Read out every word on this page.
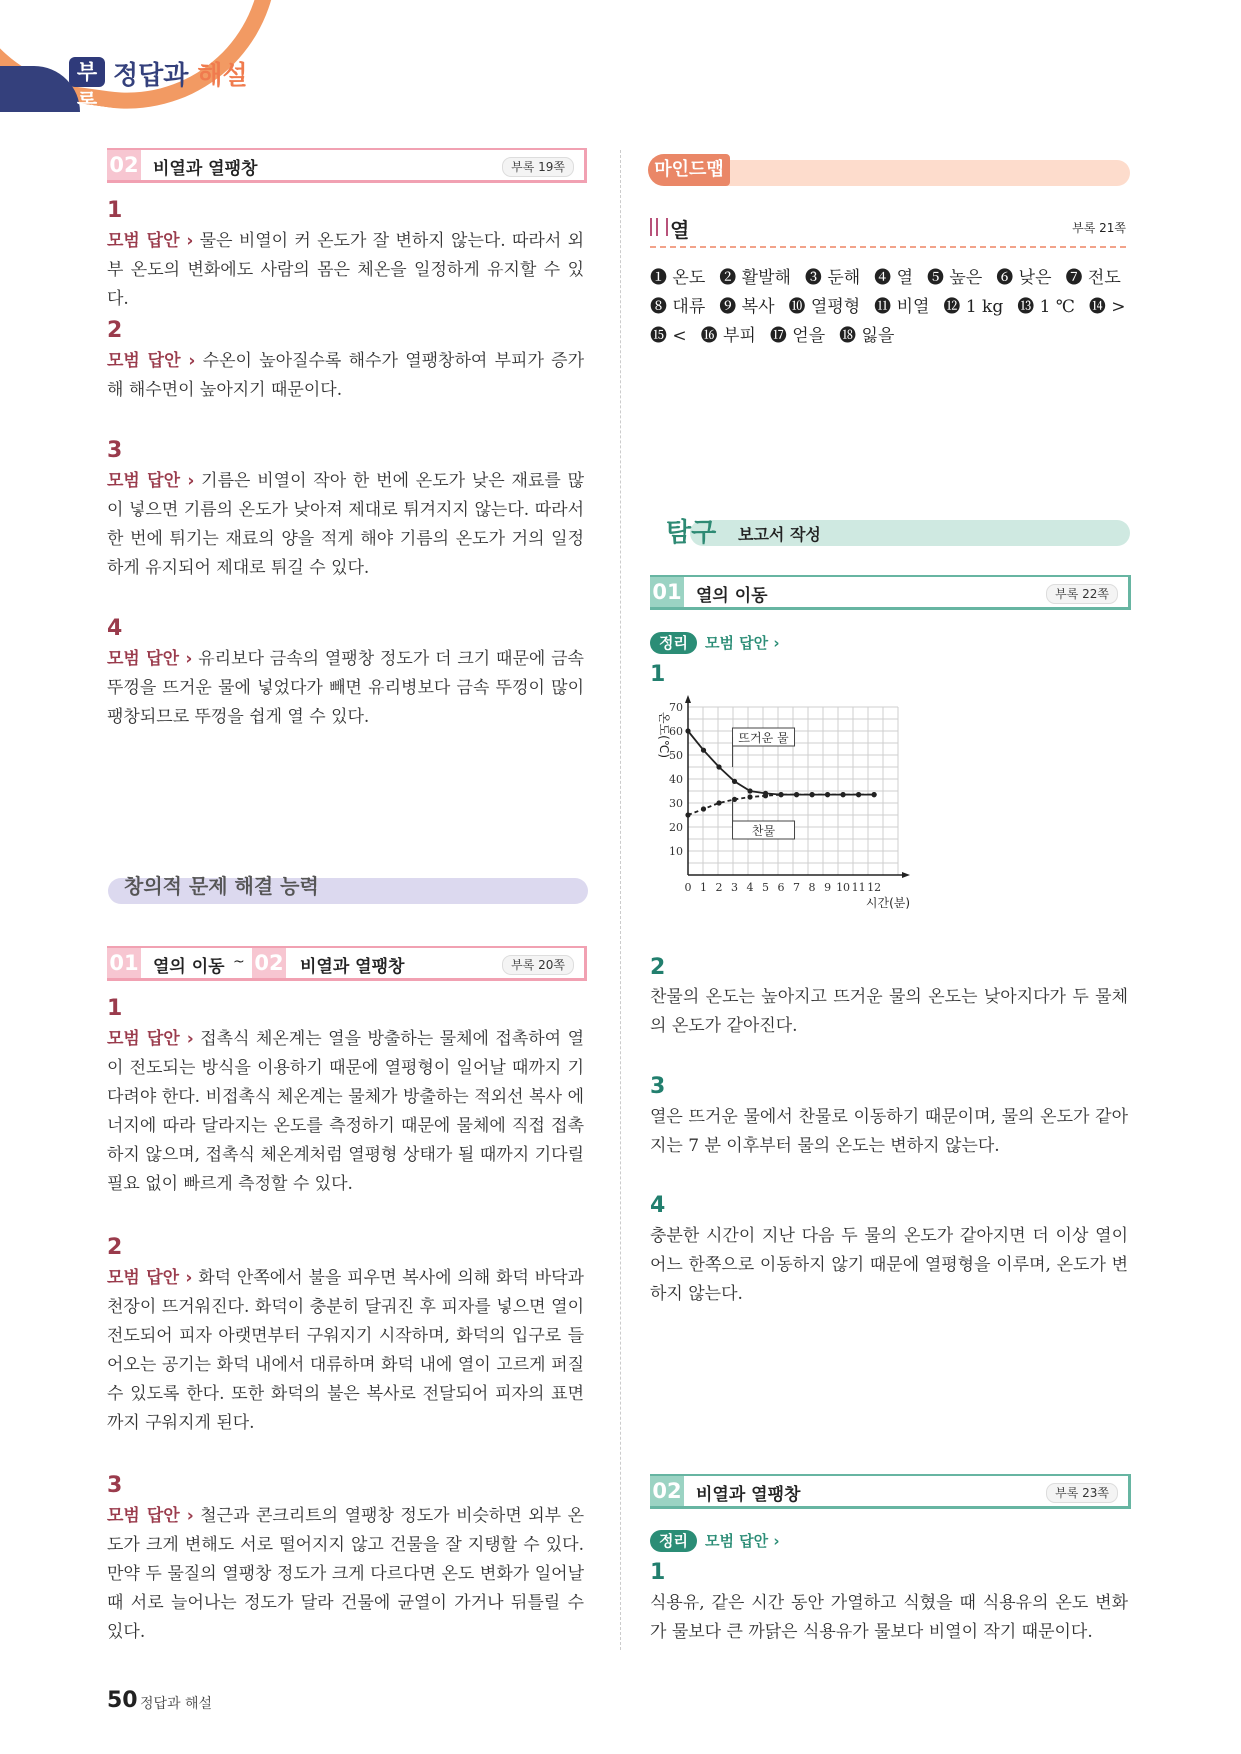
부록
정답과 해설
02 비열과 열팽창	부록 19쪽
1
모범 답안 › 물은 비열이 커 온도가 잘 변하지 않는다. 따라서 외부 온도의 변화에도 사람의 몸은 체온을 일정하게 유지할 수 있다.
2
모범 답안 › 수온이 높아질수록 해수가 열팽창하여 부피가 증가해 해수면이 높아지기 때문이다.
3
모범 답안 › 기름은 비열이 작아 한 번에 온도가 낮은 재료를 많이 넣으면 기름의 온도가 낮아져 제대로 튀겨지지 않는다. 따라서 한 번에 튀기는 재료의 양을 적게 해야 기름의 온도가 거의 일정하게 유지되어 제대로 튀길 수 있다.
4
모범 답안 › 유리보다 금속의 열팽창 정도가 더 크기 때문에 금속 뚜껑을 뜨거운 물에 넣었다가 빼면 유리병보다 금속 뚜껑이 많이 팽창되므로 뚜껑을 쉽게 열 수 있다.
창의적 문제 해결 능력
01 열의 이동 ~ 02 비열과 열팽창	부록 20쪽
1
모범 답안 › 접촉식 체온계는 열을 방출하는 물체에 접촉하여 열이 전도되는 방식을 이용하기 때문에 열평형이 일어날 때까지 기다려야 한다. 비접촉식 체온계는 물체가 방출하는 적외선 복사 에너지에 따라 달라지는 온도를 측정하기 때문에 물체에 직접 접촉하지 않으며, 접촉식 체온계처럼 열평형 상태가 될 때까지 기다릴 필요 없이 빠르게 측정할 수 있다.
2
모범 답안 › 화덕 안쪽에서 불을 피우면 복사에 의해 화덕 바닥과 천장이 뜨거워진다. 화덕이 충분히 달궈진 후 피자를 넣으면 열이 전도되어 피자 아랫면부터 구워지기 시작하며, 화덕의 입구로 들어오는 공기는 화덕 내에서 대류하며 화덕 내에 열이 고르게 퍼질 수 있도록 한다. 또한 화덕의 불은 복사로 전달되어 피자의 표면까지 구워지게 된다.
3
모범 답안 › 철근과 콘크리트의 열팽창 정도가 비슷하면 외부 온도가 크게 변해도 서로 떨어지지 않고 건물을 잘 지탱할 수 있다. 만약 두 물질의 열팽창 정도가 크게 다르다면 온도 변화가 일어날 때 서로 늘어나는 정도가 달라 건물에 균열이 가거나 뒤틀릴 수 있다.
마인드맵
열	부록 21쪽
❶ 온도 ❷ 활발해 ❸ 둔해 ❹ 열 ❺ 높은 ❻ 낮은 ❼ 전도
❽ 대류 ❾ 복사 ❿ 열평형 ⓫ 비열 ⓬ 1 kg ⓭ 1 ℃ ⓮ >
⓯ < ⓰ 부피 ⓱ 얻을 ⓲ 잃을
탐구 보고서 작성
01 열의 이동	부록 22쪽
정리 모범 답안 ›
1
0 1 2 3 4 5 6 7 8 9 10 11 12
10
20
30
40
50
60
70
뜨거운 물
찬물
시간(분)
온도(℃)
2
찬물의 온도는 높아지고 뜨거운 물의 온도는 낮아지다가 두 물체의 온도가 같아진다.
3
열은 뜨거운 물에서 찬물로 이동하기 때문이며, 물의 온도가 같아지는 7 분 이후부터 물의 온도는 변하지 않는다.
4
충분한 시간이 지난 다음 두 물의 온도가 같아지면 더 이상 열이 어느 한쪽으로 이동하지 않기 때문에 열평형을 이루며, 온도가 변하지 않는다.
02 비열과 열팽창	부록 23쪽
정리 모범 답안 ›
1
식용유, 같은 시간 동안 가열하고 식혔을 때 식용유의 온도 변화가 물보다 큰 까닭은 식용유가 물보다 비열이 작기 때문이다.
50 정답과 해설
